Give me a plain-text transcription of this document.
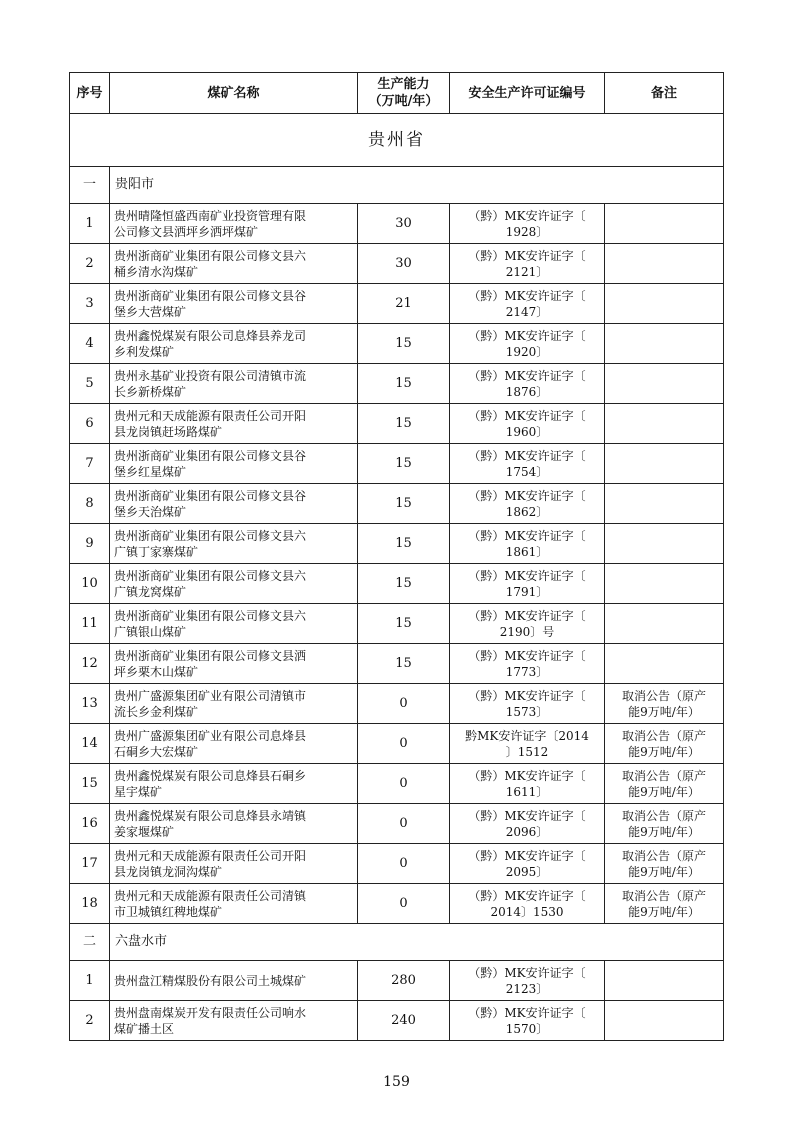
序号	煤矿名称	生产能力
（万吨/年）	安全生产许可证编号	备注
贵州省				
一	贵阳市			
1	贵州晴隆恒盛西南矿业投资管理有限
公司修文县洒坪乡洒坪煤矿	30	（黔）MK安许证字〔
1928〕	

2	贵州浙商矿业集团有限公司修文县六
桶乡清水沟煤矿	30	（黔）MK安许证字〔
2121〕	

3	贵州浙商矿业集团有限公司修文县谷
堡乡大营煤矿	21	（黔）MK安许证字〔
2147〕	

4	贵州鑫悦煤炭有限公司息烽县养龙司
乡利发煤矿	15	（黔）MK安许证字〔
1920〕	

5	贵州永基矿业投资有限公司清镇市流
长乡新桥煤矿	15	（黔）MK安许证字〔
1876〕	

6	贵州元和天成能源有限责任公司开阳
县龙岗镇赶场路煤矿	15	（黔）MK安许证字〔
1960〕	

7	贵州浙商矿业集团有限公司修文县谷
堡乡红星煤矿	15	（黔）MK安许证字〔
1754〕	

8	贵州浙商矿业集团有限公司修文县谷
堡乡天治煤矿	15	（黔）MK安许证字〔
1862〕	

9	贵州浙商矿业集团有限公司修文县六
广镇丁家寨煤矿	15	（黔）MK安许证字〔
1861〕	

10	贵州浙商矿业集团有限公司修文县六
广镇龙窝煤矿	15	（黔）MK安许证字〔
1791〕	

11	贵州浙商矿业集团有限公司修文县六
广镇银山煤矿	15	（黔）MK安许证字〔
2190〕号	

12	贵州浙商矿业集团有限公司修文县洒
坪乡栗木山煤矿	15	（黔）MK安许证字〔
1773〕	

13	贵州广盛源集团矿业有限公司清镇市
流长乡金利煤矿	0	（黔）MK安许证字〔
1573〕	取消公告（原产
能9万吨/年）

14	贵州广盛源集团矿业有限公司息烽县
石硐乡大宏煤矿	0	黔MK安许证字〔2014
〕1512	取消公告（原产
能9万吨/年）

15	贵州鑫悦煤炭有限公司息烽县石硐乡
星宇煤矿	0	（黔）MK安许证字〔
1611〕	取消公告（原产
能9万吨/年）

16	贵州鑫悦煤炭有限公司息烽县永靖镇
姜家堰煤矿	0	（黔）MK安许证字〔
2096〕	取消公告（原产
能9万吨/年）

17	贵州元和天成能源有限责任公司开阳
县龙岗镇龙洞沟煤矿	0	（黔）MK安许证字〔
2095〕	取消公告（原产
能9万吨/年）

18	贵州元和天成能源有限责任公司清镇
市卫城镇红稗地煤矿	0	（黔）MK安许证字〔
2014〕1530	取消公告（原产
能9万吨/年）

二	六盘水市			
1	贵州盘江精煤股份有限公司土城煤矿	280	（黔）MK安许证字〔
2123〕	

2	贵州盘南煤炭开发有限责任公司响水
煤矿播土区	240	（黔）MK安许证字〔
1570〕	

159
